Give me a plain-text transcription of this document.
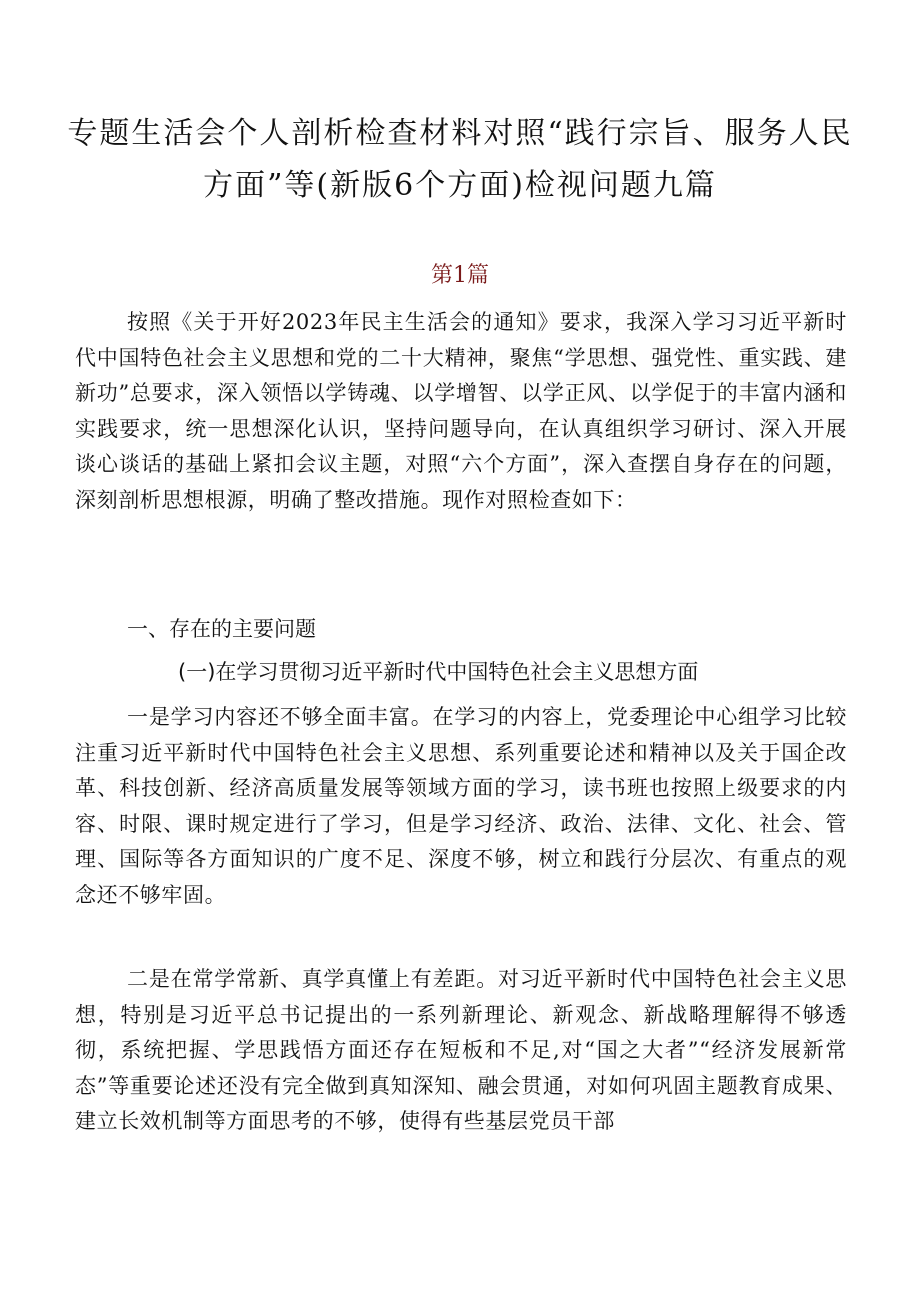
专题生活会个人剖析检查材料对照“践行宗旨、服务人民方面”等(新版6个方面)检视问题九篇
第1篇

按照《关于开好2023年民主生活会的通知》要求，我深入学习习近平新时代中国特色社会主义思想和党的二十大精神，聚焦“学思想、强党性、重实践、建新功”总要求，深入领悟以学铸魂、以学增智、以学正风、以学促于的丰富内涵和实践要求，统一思想深化认识，坚持问题导向，在认真组织学习研讨、深入开展谈心谈话的基础上紧扣会议主题，对照“六个方面”，深入查摆自身存在的问题，深刻剖析思想根源，明确了整改措施。现作对照检查如下：

一、存在的主要问题
(一)在学习贯彻习近平新时代中国特色社会主义思想方面

一是学习内容还不够全面丰富。在学习的内容上，党委理论中心组学习比较注重习近平新时代中国特色社会主义思想、系列重要论述和精神以及关于国企改革、科技创新、经济高质量发展等领域方面的学习，读书班也按照上级要求的内容、时限、课时规定进行了学习，但是学习经济、政治、法律、文化、社会、管理、国际等各方面知识的广度不足、深度不够，树立和践行分层次、有重点的观念还不够牢固。

二是在常学常新、真学真懂上有差距。对习近平新时代中国特色社会主义思想，特别是习近平总书记提出的一系列新理论、新观念、新战略理解得不够透彻，系统把握、学思践悟方面还存在短板和不足,对“国之大者”“经济发展新常态”等重要论述还没有完全做到真知深知、融会贯通，对如何巩固主题教育成果、建立长效机制等方面思考的不够，使得有些基层党员干部
